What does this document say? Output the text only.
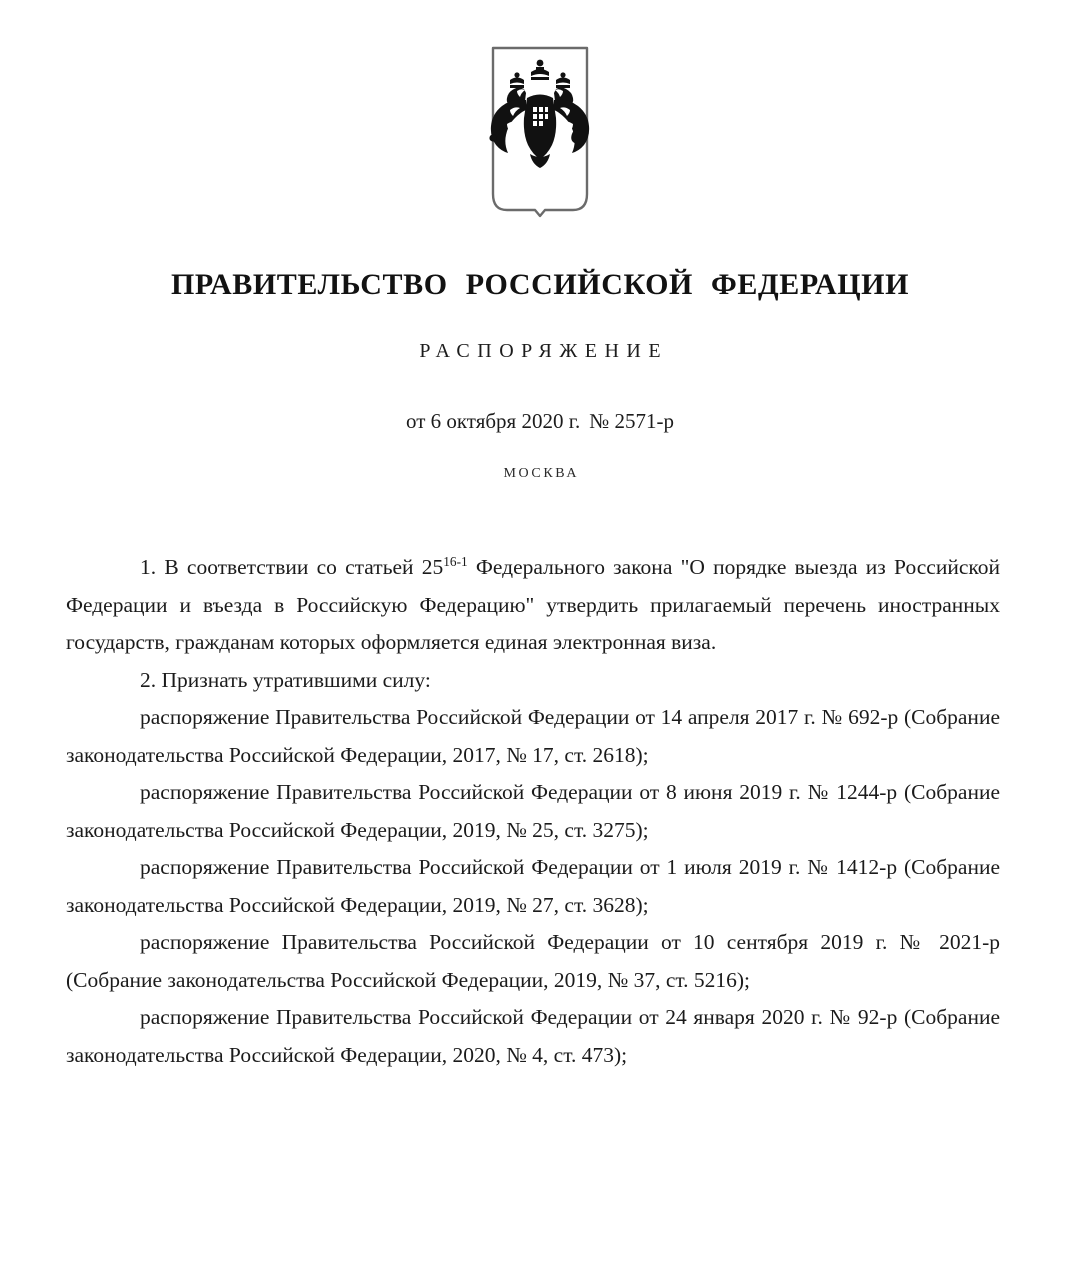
ПРАВИТЕЛЬСТВО РОССИЙСКОЙ ФЕДЕРАЦИИ
РАСПОРЯЖЕНИЕ
от 6 октября 2020 г. № 2571-р
МОСКВА

1. В соответствии со статьей 25$^{16-1}$ Федерального закона "О порядке выезда из Российской Федерации и въезда в Российскую Федерацию" утвердить прилагаемый перечень иностранных государств, гражданам которых оформляется единая электронная виза.

2. Признать утратившими силу:

распоряжение Правительства Российской Федерации от 14 апреля 2017 г. № 692-р (Собрание законодательства Российской Федерации, 2017, № 17, ст. 2618);

распоряжение Правительства Российской Федерации от 8 июня 2019 г. № 1244-р (Собрание законодательства Российской Федерации, 2019, № 25, ст. 3275);

распоряжение Правительства Российской Федерации от 1 июля 2019 г. № 1412-р (Собрание законодательства Российской Федерации, 2019, № 27, ст. 3628);

распоряжение Правительства Российской Федерации от 10 сентября 2019 г. № 2021-р (Собрание законодательства Российской Федерации, 2019, № 37, ст. 5216);

распоряжение Правительства Российской Федерации от 24 января 2020 г. № 92-р (Собрание законодательства Российской Федерации, 2020, № 4, ст. 473);
